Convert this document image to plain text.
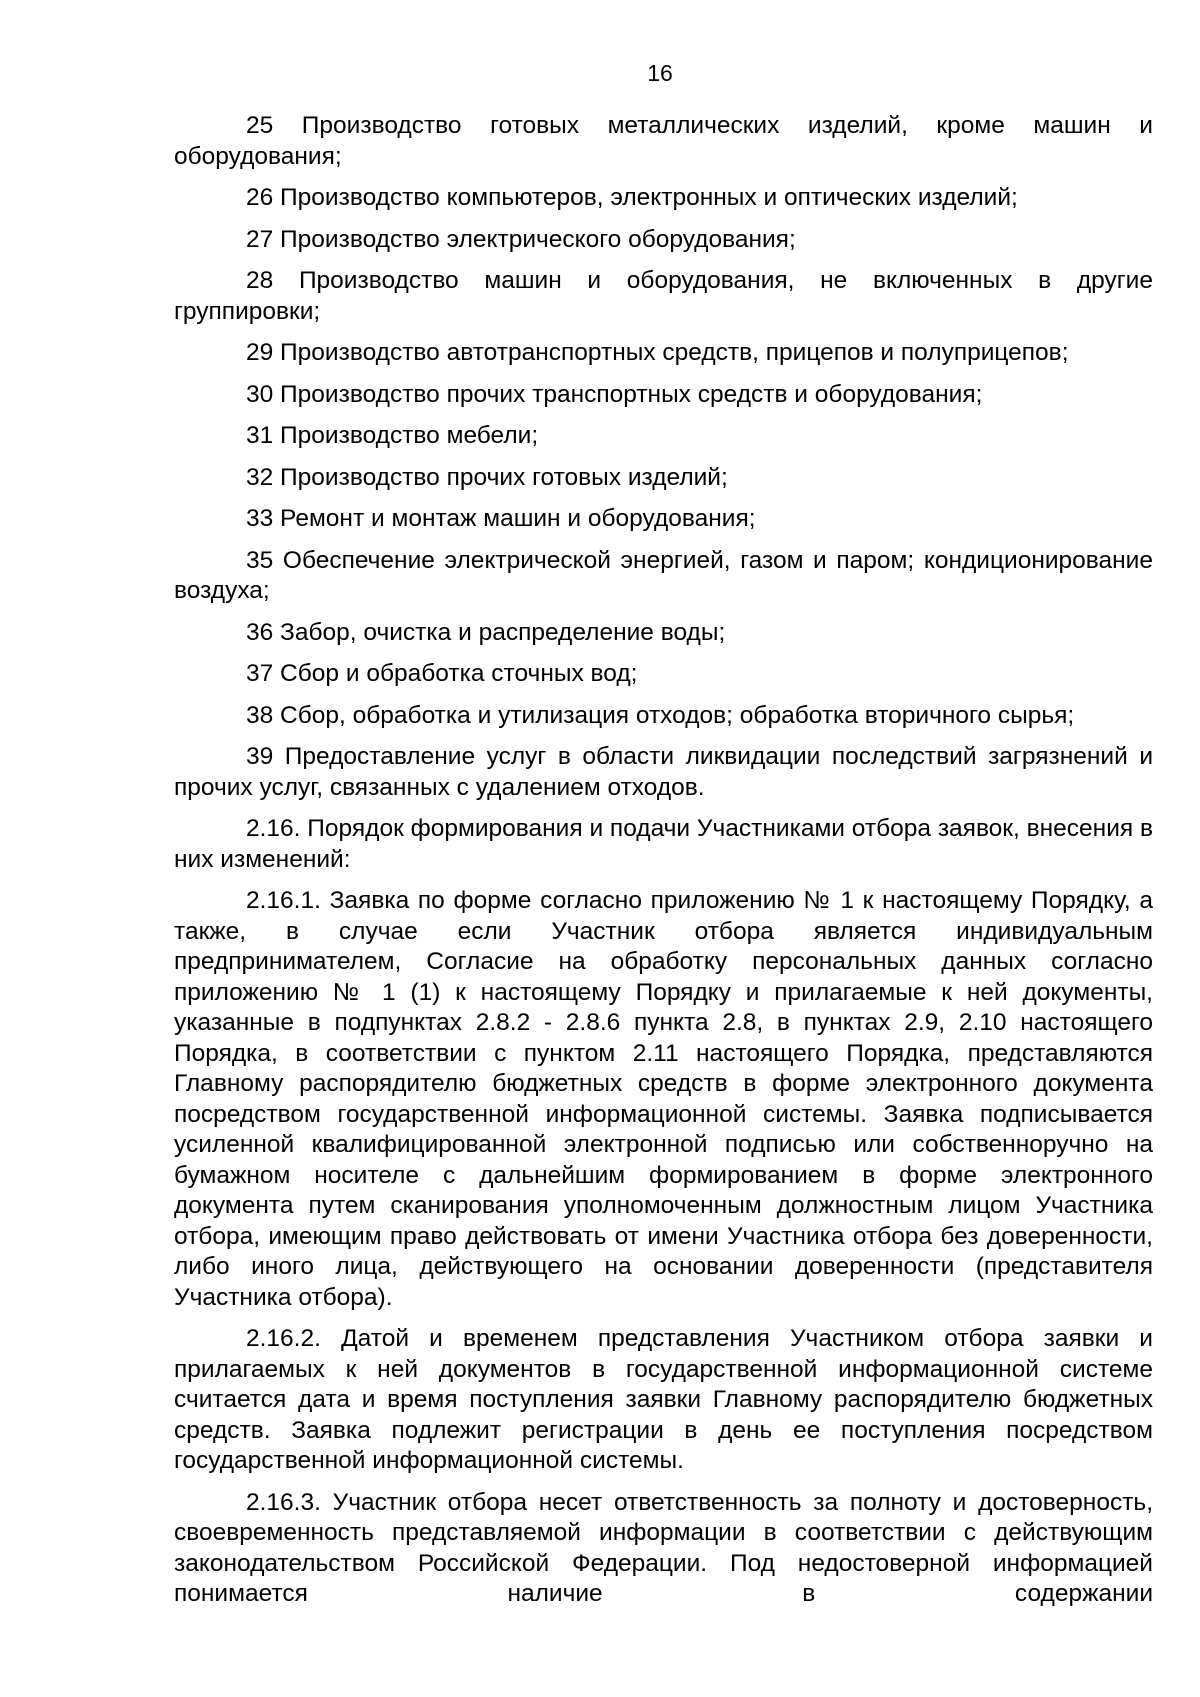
16

25 Производство готовых металлических изделий, кроме машин и оборудования;

26 Производство компьютеров, электронных и оптических изделий;

27 Производство электрического оборудования;

28 Производство машин и оборудования, не включенных в другие группировки;

29 Производство автотранспортных средств, прицепов и полуприцепов;

30 Производство прочих транспортных средств и оборудования;

31 Производство мебели;

32 Производство прочих готовых изделий;

33 Ремонт и монтаж машин и оборудования;

35 Обеспечение электрической энергией, газом и паром; кондиционирование воздуха;

36 Забор, очистка и распределение воды;

37 Сбор и обработка сточных вод;

38 Сбор, обработка и утилизация отходов; обработка вторичного сырья;

39 Предоставление услуг в области ликвидации последствий загрязнений и прочих услуг, связанных с удалением отходов.

2.16. Порядок формирования и подачи Участниками отбора заявок, внесения в них изменений:

2.16.1. Заявка по форме согласно приложению № 1 к настоящему Порядку, а также, в случае если Участник отбора является индивидуальным предпринимателем, Согласие на обработку персональных данных согласно приложению № 1 (1) к настоящему Порядку и прилагаемые к ней документы, указанные в подпунктах 2.8.2 - 2.8.6 пункта 2.8, в пунктах 2.9, 2.10 настоящего Порядка, в соответствии с пунктом 2.11 настоящего Порядка, представляются Главному распорядителю бюджетных средств в форме электронного документа посредством государственной информационной системы. Заявка подписывается усиленной квалифицированной электронной подписью или собственноручно на бумажном носителе с дальнейшим формированием в форме электронного документа путем сканирования уполномоченным должностным лицом Участника отбора, имеющим право действовать от имени Участника отбора без доверенности, либо иного лица, действующего на основании доверенности (представителя Участника отбора).

2.16.2. Датой и временем представления Участником отбора заявки и прилагаемых к ней документов в государственной информационной системе считается дата и время поступления заявки Главному распорядителю бюджетных средств. Заявка подлежит регистрации в день ее поступления посредством государственной информационной системы.

2.16.3. Участник отбора несет ответственность за полноту и достоверность, своевременность представляемой информации в соответствии с действующим законодательством Российской Федерации. Под недостоверной информацией понимается наличие в содержании
